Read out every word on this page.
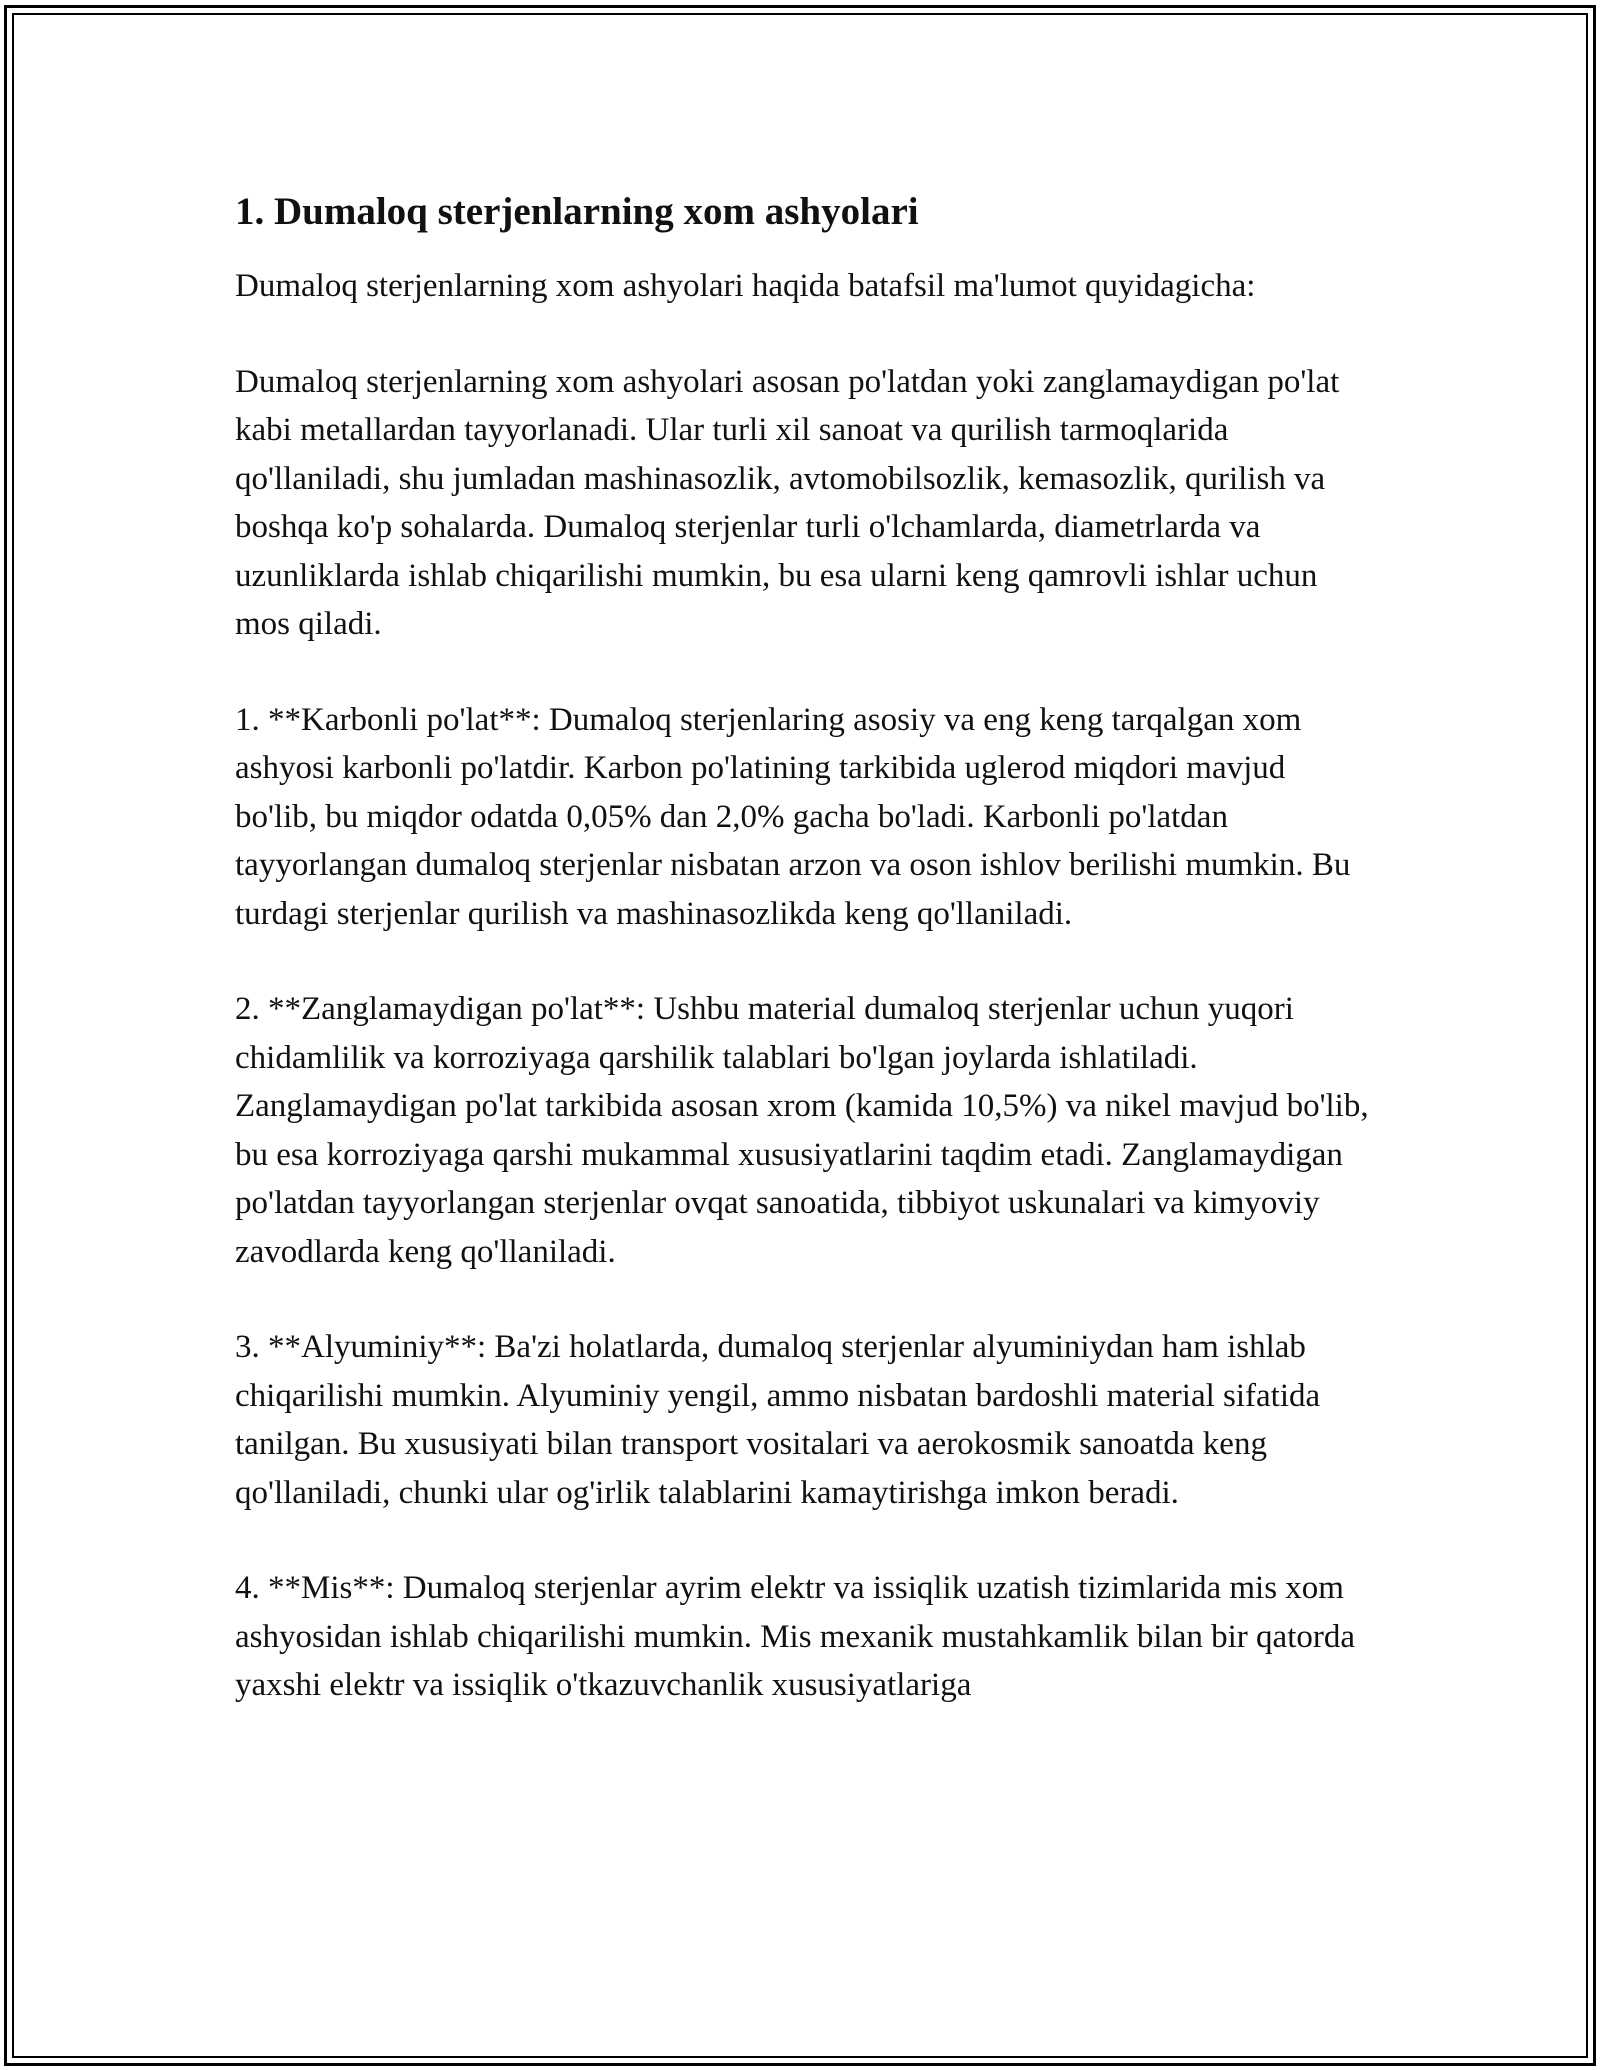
1. Dumaloq sterjenlarning xom ashyolari

Dumaloq sterjenlarning xom ashyolari haqida batafsil ma'lumot quyidagicha:

Dumaloq sterjenlarning xom ashyolari asosan po'latdan yoki zanglamaydigan po'lat kabi metallardan tayyorlanadi. Ular turli xil sanoat va qurilish tarmoqlarida qo'llaniladi, shu jumladan mashinasozlik, avtomobilsozlik, kemasozlik, qurilish va boshqa ko'p sohalarda. Dumaloq sterjenlar turli o'lchamlarda, diametrlarda va uzunliklarda ishlab chiqarilishi mumkin, bu esa ularni keng qamrovli ishlar uchun mos qiladi.

1. **Karbonli po'lat**: Dumaloq sterjenlaring asosiy va eng keng tarqalgan xom ashyosi karbonli po'latdir. Karbon po'latining tarkibida uglerod miqdori mavjud bo'lib, bu miqdor odatda 0,05% dan 2,0% gacha bo'ladi. Karbonli po'latdan tayyorlangan dumaloq sterjenlar nisbatan arzon va oson ishlov berilishi mumkin. Bu turdagi sterjenlar qurilish va mashinasozlikda keng qo'llaniladi.

2. **Zanglamaydigan po'lat**: Ushbu material dumaloq sterjenlar uchun yuqori chidamlilik va korroziyaga qarshilik talablari bo'lgan joylarda ishlatiladi. Zanglamaydigan po'lat tarkibida asosan xrom (kamida 10,5%) va nikel mavjud bo'lib, bu esa korroziyaga qarshi mukammal xususiyatlarini taqdim etadi. Zanglamaydigan po'latdan tayyorlangan sterjenlar ovqat sanoatida, tibbiyot uskunalari va kimyoviy zavodlarda keng qo'llaniladi.

3. **Alyuminiy**: Ba'zi holatlarda, dumaloq sterjenlar alyuminiydan ham ishlab chiqarilishi mumkin. Alyuminiy yengil, ammo nisbatan bardoshli material sifatida tanilgan. Bu xususiyati bilan transport vositalari va aerokosmik sanoatda keng qo'llaniladi, chunki ular og'irlik talablarini kamaytirishga imkon beradi.

4. **Mis**: Dumaloq sterjenlar ayrim elektr va issiqlik uzatish tizimlarida mis xom ashyosidan ishlab chiqarilishi mumkin. Mis mexanik mustahkamlik bilan bir qatorda yaxshi elektr va issiqlik o'tkazuvchanlik xususiyatlariga
